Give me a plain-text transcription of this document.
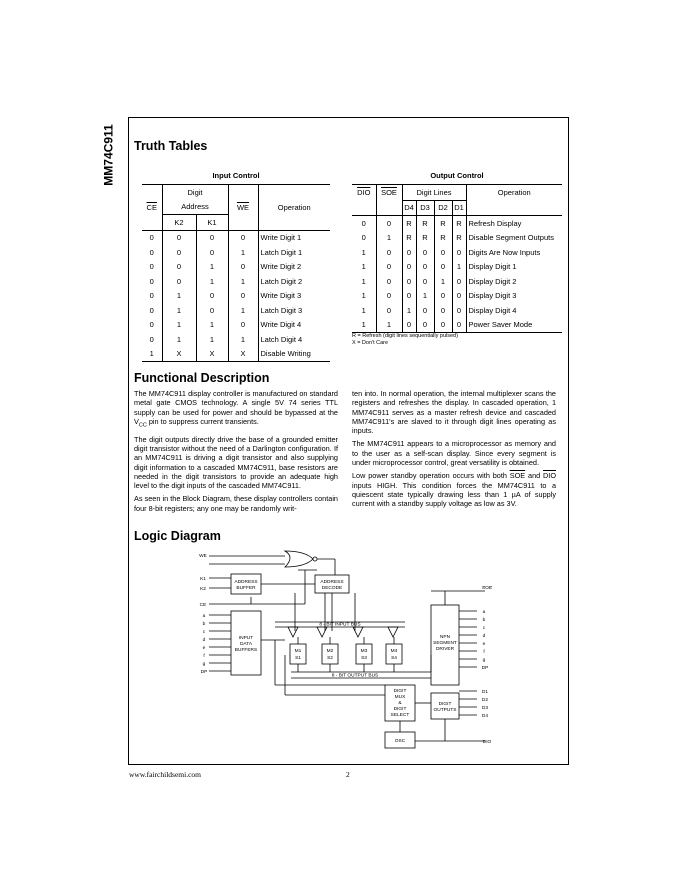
MM74C911 Truth Tables
Input Control
	Digit			
$\overline{CE}$	Address		$\overline{WE}$	Operation
	K2	K1		
0	0	0	0	Write Digit 1
0	0	0	1	Latch Digit 1
0	0	1	0	Write Digit 2
0	0	1	1	Latch Digit 2
0	1	0	0	Write Digit 3
0	1	0	1	Latch Digit 3
0	1	1	0	Write Digit 4
0	1	1	1	Latch Digit 4
1	X	X	X	Disable Writing
Output Control
$\overline{DIO}$	$\overline{SOE}$	Digit Lines				Operation
		D4	D3	D2	D1	
0	0	R	R	R	R	Refresh Display
0	1	R	R	R	R	Disable Segment Outputs
1	0	0	0	0	0	Digits Are Now Inputs
1	0	0	0	0	1	Display Digit 1
1	0	0	0	1	0	Display Digit 2
1	0	0	1	0	0	Display Digit 3
1	0	1	0	0	0	Display Digit 4
1	1	0	0	0	0	Power Saver Mode
R = Refresh (digit lines sequentially pulsed)
X = Don't Care
Functional Description

The MM74C911 display controller is manufactured on standard metal gate CMOS technology. A single 5V 74 series TTL supply can be used for power and should be bypassed at the $V_{CC}$ pin to suppress current transients.

The digit outputs directly drive the base of a grounded emitter digit transistor without the need of a Darlington configuration. If an MM74C911 is driving a digit transistor and also supplying digit information to a cascaded MM74C911, base resistors are needed in the digit transistors to provide an adequate high level to the digit inputs of the cascaded MM74C911.

As seen in the Block Diagram, these display controllers contain four 8-bit registers; any one may be randomly writ-

ten into. In normal operation, the internal multiplexer scans the registers and refreshes the display. In cascaded operation, 1 MM74C911 serves as a master refresh device and cascaded MM74C911's are slaved to it through digit lines operating as inputs.

The MM74C911 appears to a microprocessor as memory and to the user as a self-scan display. Since every segment is under microprocessor control, great versatility is obtained.

Low power standby operation occurs with both $\overline{SOE}$ and $\overline{DIO}$ inputs HIGH. This condition forces the MM74C911 to a quiescent state typically drawing less than 1 µA of supply current with a standby supply voltage as low as 3V.

Logic Diagram
WE
K1
K2
CE
a
b
c
d
e
f
g
DP
ADDRESS
BUFFER
ADDRESS
DECODE
INPUT
DATA
BUFFERS
8 - BIT INPUT BUS
8 - BIT OUTPUT BUS
M1
S1
M2
S2
M3
S3
M4
S4
NPN
SEGMENT
DRIVER
DIGIT
MUX
&
DIGIT
SELECT
DIGIT
OUTPUTS
OSC
SOE
DIO
a
b
c
d
e
f
g
DP
D1
D2
D3
D4
www.fairchildsemi.com	2
